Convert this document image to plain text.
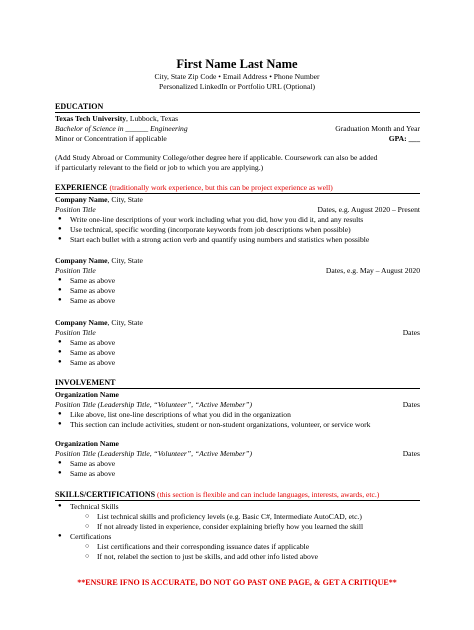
First Name Last Name
City, State Zip Code • Email Address • Phone Number
Personalized LinkedIn or Portfolio URL (Optional)
EDUCATION
Texas Tech University, Lubbock, Texas
Bachelor of Science in ______ Engineering	Graduation Month and Year
Minor or Concentration if applicable	GPA: ___
(Add Study Abroad or Community College/other degree here if applicable. Coursework can also be added
if particularly relevant to the field or job to which you are applying.)
EXPERIENCE (traditionally work experience, but this can be project experience as well)
Company Name, City, State
Position Title	Dates, e.g. August 2020 – Present
● Write one-line descriptions of your work including what you did, how you did it, and any results
● Use technical, specific wording (incorporate keywords from job descriptions when possible)
● Start each bullet with a strong action verb and quantify using numbers and statistics when possible
Company Name, City, State
Position Title	Dates, e.g. May – August 2020
● Same as above
● Same as above
● Same as above
Company Name, City, State
Position Title	Dates
● Same as above
● Same as above
● Same as above
INVOLVEMENT
Organization Name
Position Title (Leadership Title, “Volunteer”, “Active Member”)	Dates
● Like above, list one-line descriptions of what you did in the organization
● This section can include activities, student or non-student organizations, volunteer, or service work
Organization Name
Position Title (Leadership Title, “Volunteer”, “Active Member”)	Dates
● Same as above
● Same as above
SKILLS/CERTIFICATIONS (this section is flexible and can include languages, interests, awards, etc.)
● Technical Skills
○ List technical skills and proficiency levels (e.g. Basic C#, Intermediate AutoCAD, etc.)
○ If not already listed in experience, consider explaining briefly how you learned the skill
● Certifications
○ List certifications and their corresponding issuance dates if applicable
○ If not, relabel the section to just be skills, and add other info listed above
**ENSURE IFNO IS ACCURATE, DO NOT GO PAST ONE PAGE, & GET A CRITIQUE**
